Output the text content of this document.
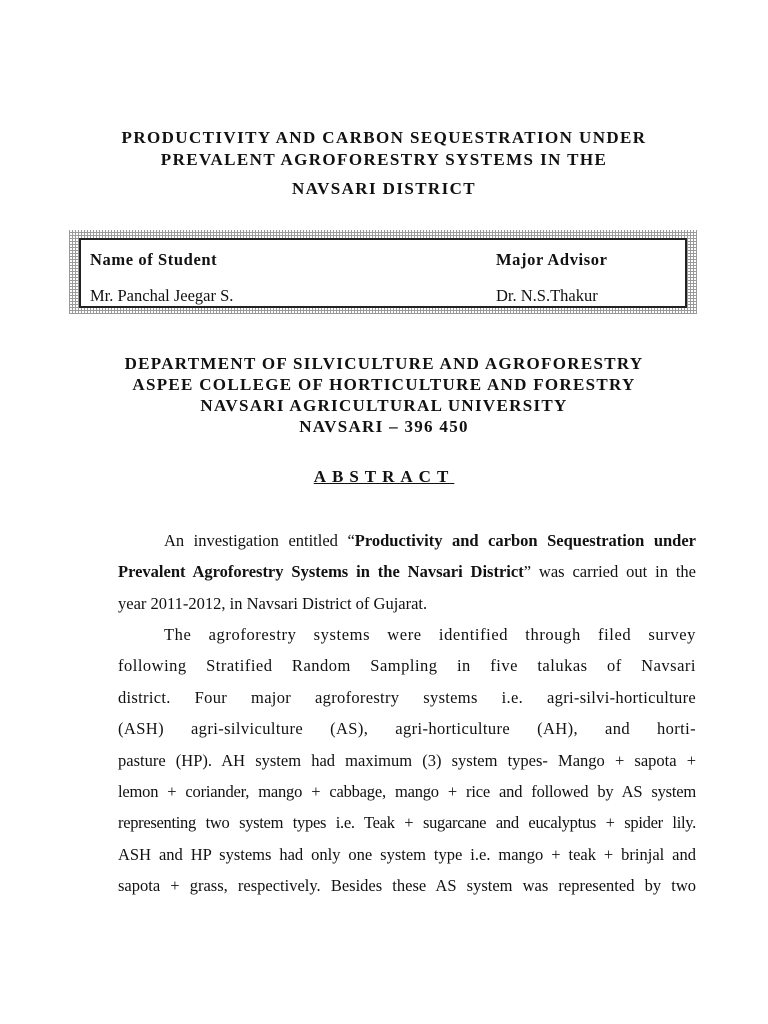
PRODUCTIVITY AND CARBON SEQUESTRATION UNDER
PREVALENT AGROFORESTRY SYSTEMS IN THE
NAVSARI DISTRICT
Name of Student	Major Advisor
Mr. Panchal Jeegar S.	Dr. N.S.Thakur
DEPARTMENT OF SILVICULTURE AND AGROFORESTRY
ASPEE COLLEGE OF HORTICULTURE AND FORESTRY
NAVSARI AGRICULTURAL UNIVERSITY
NAVSARI – 396 450
ABSTRACT
An investigation entitled “Productivity and carbon Sequestration under
Prevalent Agroforestry Systems in the Navsari District” was carried out in the
year 2011-2012, in Navsari District of Gujarat.
The agroforestry systems were identified through filed survey
following Stratified Random Sampling in five talukas of Navsari
district. Four major agroforestry systems i.e. agri-silvi-horticulture
(ASH) agri-silviculture (AS), agri-horticulture (AH), and horti-
pasture (HP). AH system had maximum (3) system types- Mango + sapota +
lemon + coriander, mango + cabbage, mango + rice and followed by AS system
representing two system types i.e. Teak + sugarcane and eucalyptus + spider lily.
ASH and HP systems had only one system type i.e. mango + teak + brinjal and
sapota + grass, respectively. Besides these AS system was represented by two
